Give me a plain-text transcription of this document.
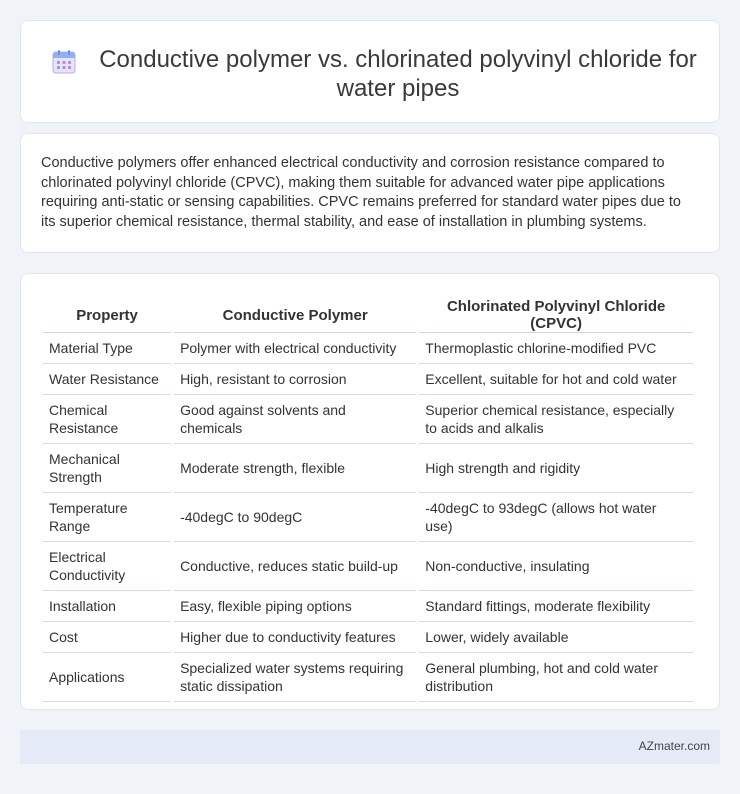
Conductive polymer vs. chlorinated polyvinyl chloride for water pipes

Conductive polymers offer enhanced electrical conductivity and corrosion resistance compared to chlorinated polyvinyl chloride (CPVC), making them suitable for advanced water pipe applications requiring anti-static or sensing capabilities. CPVC remains preferred for standard water pipes due to its superior chemical resistance, thermal stability, and ease of installation in plumbing systems.

Property	Conductive Polymer	Chlorinated Polyvinyl Chloride (CPVC)
Material Type	Polymer with electrical conductivity	Thermoplastic chlorine-modified PVC
Water Resistance	High, resistant to corrosion	Excellent, suitable for hot and cold water
Chemical Resistance	Good against solvents and chemicals	Superior chemical resistance, especially to acids and alkalis
Mechanical Strength	Moderate strength, flexible	High strength and rigidity
Temperature Range	-40degC to 90degC	-40degC to 93degC (allows hot water use)
Electrical Conductivity	Conductive, reduces static build-up	Non-conductive, insulating
Installation	Easy, flexible piping options	Standard fittings, moderate flexibility
Cost	Higher due to conductivity features	Lower, widely available
Applications	Specialized water systems requiring static dissipation	General plumbing, hot and cold water distribution
AZmater.com
